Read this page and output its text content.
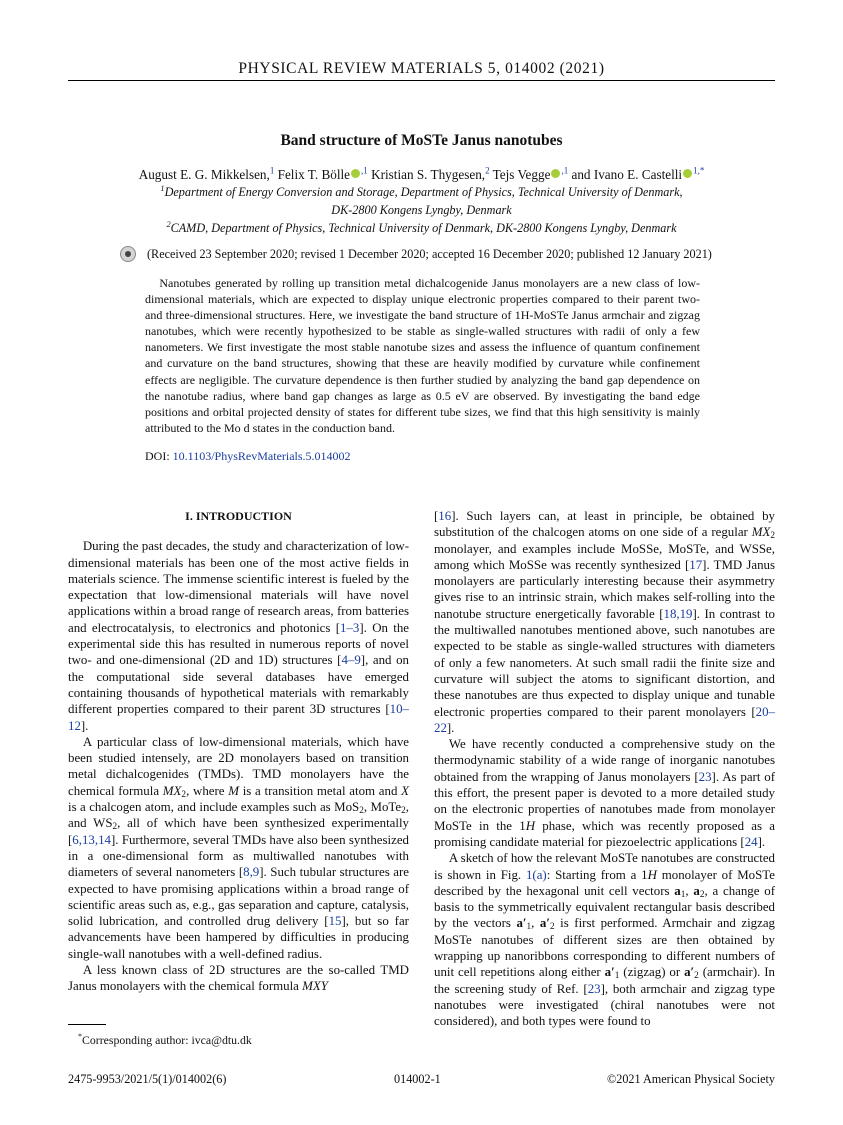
PHYSICAL REVIEW MATERIALS 5, 014002 (2021)
Band structure of MoSTe Janus nanotubes
August E. G. Mikkelsen,$^1$ Felix T. Bölle $^{,1}$ Kristian S. Thygesen,$^2$ Tejs Vegge $^{,1}$ and Ivano E. Castelli $^{1,*}$
$^1$Department of Energy Conversion and Storage, Department of Physics, Technical University of Denmark,
DK-2800 Kongens Lyngby, Denmark
$^2$CAMD, Department of Physics, Technical University of Denmark, DK-2800 Kongens Lyngby, Denmark
(Received 23 September 2020; revised 1 December 2020; accepted 16 December 2020; published 12 January 2021)

Nanotubes generated by rolling up transition metal dichalcogenide Janus monolayers are a new class of low-dimensional materials, which are expected to display unique electronic properties compared to their parent two- and three-dimensional structures. Here, we investigate the band structure of 1H-MoSTe Janus armchair and zigzag nanotubes, which were recently hypothesized to be stable as single-walled structures with radii of only a few nanometers. We first investigate the most stable nanotube sizes and assess the influence of quantum confinement and curvature on the band structures, showing that these are heavily modified by curvature while confinement effects are negligible. The curvature dependence is then further studied by analyzing the band gap dependence on the nanotube radius, where band gap changes as large as 0.5 eV are observed. By investigating the band edge positions and orbital projected density of states for different tube sizes, we find that this high sensitivity is mainly attributed to the Mo d states in the conduction band.

DOI: 10.1103/PhysRevMaterials.5.014002
I. INTRODUCTION

During the past decades, the study and characterization of low-dimensional materials has been one of the most active fields in materials science. The immense scientific interest is fueled by the expectation that low-dimensional materials will have novel applications within a broad range of research areas, from batteries and electrocatalysis, to electronics and photonics [1–3]. On the experimental side this has resulted in numerous reports of novel two- and one-dimensional (2D and 1D) structures [4–9], and on the computational side several databases have emerged containing thousands of hypothetical materials with remarkably different properties compared to their parent 3D structures [10–12].

A particular class of low-dimensional materials, which have been studied intensely, are 2D monolayers based on transition metal dichalcogenides (TMDs). TMD monolayers have the chemical formula $MX_2$, where M is a transition metal atom and X is a chalcogen atom, and include examples such as MoS$_2$, MoTe$_2$, and $WS_2$, all of which have been synthesized experimentally [6,13,14]. Furthermore, several TMDs have also been synthesized in a one-dimensional form as multiwalled nanotubes with diameters of several nanometers [8,9]. Such tubular structures are expected to have promising applications within a broad range of scientific areas such as, e.g., gas separation and capture, catalysis, solid lubrication, and controlled drug delivery [15], but so far advancements have been hampered by difficulties in producing single-wall nanotubes with a well-defined radius.

A less known class of 2D structures are the so-called TMD Janus monolayers with the chemical formula MXY

[16]. Such layers can, at least in principle, be obtained by substitution of the chalcogen atoms on one side of a regular $MX_2$ monolayer, and examples include MoSSe, MoSTe, and WSSe, among which MoSSe was recently synthesized [17]. TMD Janus monolayers are particularly interesting because their asymmetry gives rise to an intrinsic strain, which makes self-rolling into the nanotube structure energetically favorable [18,19]. In contrast to the multiwalled nanotubes mentioned above, such nanotubes are expected to be stable as single-walled structures with diameters of only a few nanometers. At such small radii the finite size and curvature will subject the atoms to significant distortion, and these nanotubes are thus expected to display unique and tunable electronic properties compared to their parent monolayers [20–22].

We have recently conducted a comprehensive study on the thermodynamic stability of a wide range of inorganic nanotubes obtained from the wrapping of Janus monolayers [23]. As part of this effort, the present paper is devoted to a more detailed study on the electronic properties of nanotubes made from monolayer MoSTe in the 1H phase, which was recently proposed as a promising candidate material for piezoelectric applications [24].

A sketch of how the relevant MoSTe nanotubes are constructed is shown in Fig. 1(a): Starting from a 1H monolayer of MoSTe described by the hexagonal unit cell vectors $a_1$, $a_2$, a change of basis to the symmetrically equivalent rectangular basis described by the vectors $a'_1$, $a'_2$ is first performed. Armchair and zigzag MoSTe nanotubes of different sizes are then obtained by wrapping up nanoribbons corresponding to different numbers of unit cell repetitions along either $a'_1$ (zigzag) or $a'_2$ (armchair). In the screening study of Ref. [23], both armchair and zigzag type nanotubes were investigated (chiral nanotubes were not considered), and both types were found to

*Corresponding author: ivca@dtu.dk
2475-9953/2021/5(1)/014002(6)	014002-1	©2021 American Physical Society
